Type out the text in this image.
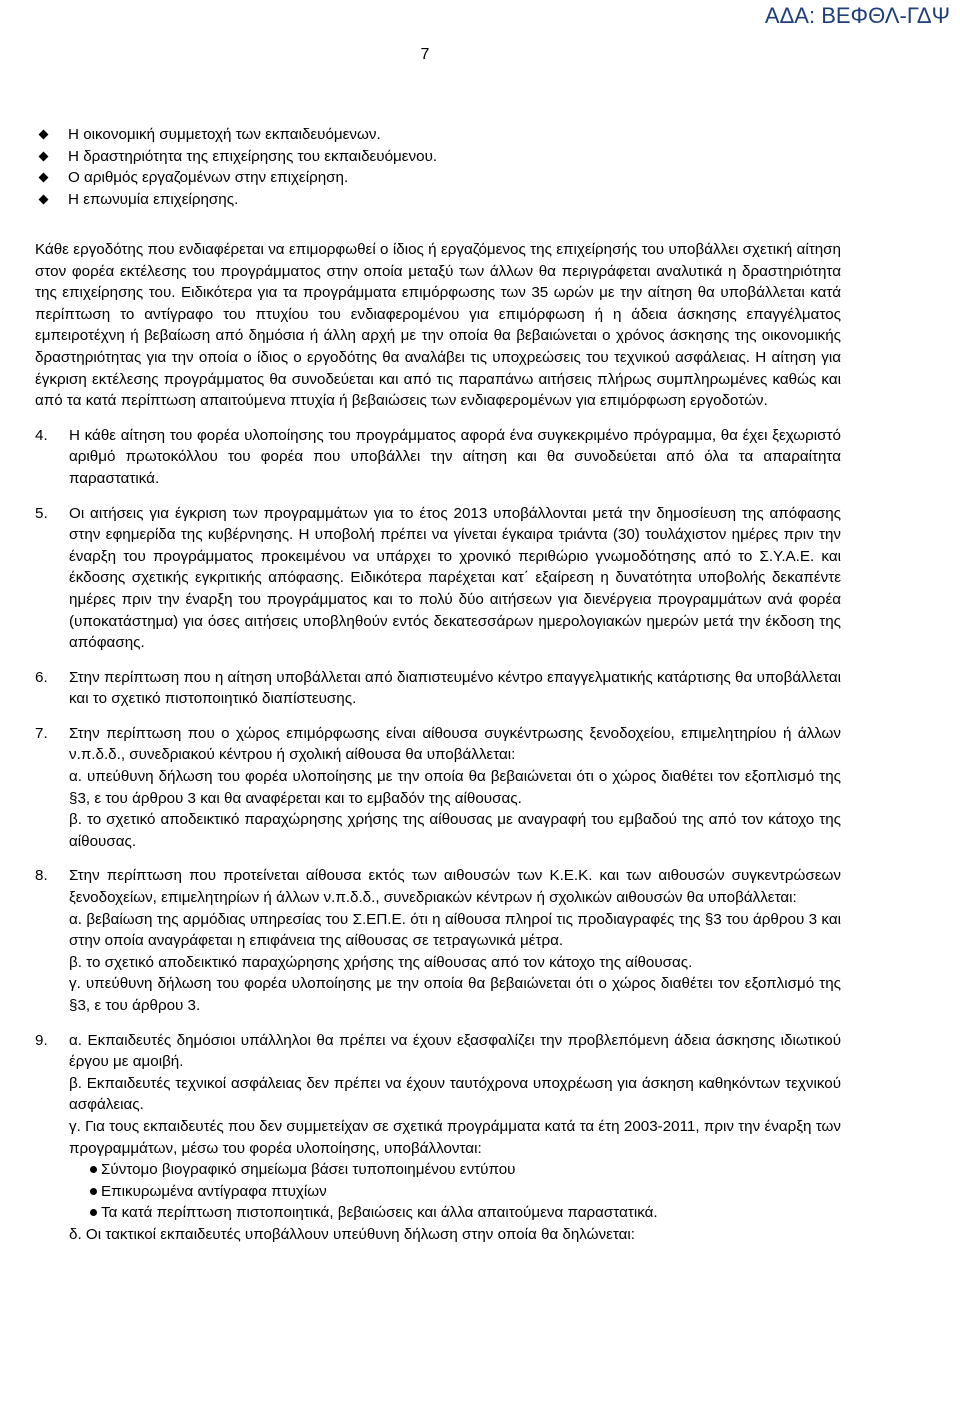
ΑΔΑ: ΒΕΦΘΛ-ΓΔΨ
7
Η οικονομική συμμετοχή των εκπαιδευόμενων.
Η δραστηριότητα της επιχείρησης του εκπαιδευόμενου.
Ο αριθμός εργαζομένων στην επιχείρηση.
Η επωνυμία επιχείρησης.

Κάθε εργοδότης που ενδιαφέρεται να επιμορφωθεί ο ίδιος ή εργαζόμενος της επιχείρησής του υποβάλλει σχετική αίτηση στον φορέα εκτέλεσης του προγράμματος στην οποία μεταξύ των άλλων θα περιγράφεται αναλυτικά η δραστηριότητα της επιχείρησης του. Ειδικότερα για τα προγράμματα επιμόρφωσης των 35 ωρών με την αίτηση θα υποβάλλεται κατά περίπτωση το αντίγραφο του πτυχίου του ενδιαφερομένου για επιμόρφωση ή η άδεια άσκησης επαγγέλματος εμπειροτέχνη ή βεβαίωση από δημόσια ή άλλη αρχή με την οποία θα βεβαιώνεται ο χρόνος άσκησης της οικονομικής δραστηριότητας για την οποία ο ίδιος ο εργοδότης θα αναλάβει τις υποχρεώσεις του τεχνικού ασφάλειας. Η αίτηση για έγκριση εκτέλεσης προγράμματος θα συνοδεύεται και από τις παραπάνω αιτήσεις πλήρως συμπληρωμένες καθώς και από τα κατά περίπτωση απαιτούμενα πτυχία ή βεβαιώσεις των ενδιαφερομένων για επιμόρφωση εργοδοτών.

4. Η κάθε αίτηση του φορέα υλοποίησης του προγράμματος αφορά ένα συγκεκριμένο πρόγραμμα, θα έχει ξεχωριστό αριθμό πρωτοκόλλου του φορέα που υποβάλλει την αίτηση και θα συνοδεύεται από όλα τα απαραίτητα παραστατικά.

5. Οι αιτήσεις για έγκριση των προγραμμάτων για το έτος 2013 υποβάλλονται μετά την δημοσίευση της απόφασης στην εφημερίδα της κυβέρνησης. Η υποβολή πρέπει να γίνεται έγκαιρα τριάντα (30) τουλάχιστον ημέρες πριν την έναρξη του προγράμματος προκειμένου να υπάρχει το χρονικό περιθώριο γνωμοδότησης από το Σ.Υ.Α.Ε. και έκδοσης σχετικής εγκριτικής απόφασης. Ειδικότερα παρέχεται κατ΄ εξαίρεση η δυνατότητα υποβολής δεκαπέντε ημέρες πριν την έναρξη του προγράμματος και το πολύ δύο αιτήσεων για διενέργεια προγραμμάτων ανά φορέα (υποκατάστημα) για όσες αιτήσεις υποβληθούν εντός δεκατεσσάρων ημερολογιακών ημερών μετά την έκδοση της απόφασης.

6. Στην περίπτωση που η αίτηση υποβάλλεται από διαπιστευμένο κέντρο επαγγελματικής κατάρτισης θα υποβάλλεται και το σχετικό πιστοποιητικό διαπίστευσης.

7. Στην περίπτωση που ο χώρος επιμόρφωσης είναι αίθουσα συγκέντρωσης ξενοδοχείου, επιμελητηρίου ή άλλων ν.π.δ.δ., συνεδριακού κέντρου ή σχολική αίθουσα θα υποβάλλεται:

α. υπεύθυνη δήλωση του φορέα υλοποίησης με την οποία θα βεβαιώνεται ότι ο χώρος διαθέτει τον εξοπλισμό της §3, ε του άρθρου 3 και θα αναφέρεται και το εμβαδόν της αίθουσας.

β. το σχετικό αποδεικτικό παραχώρησης χρήσης της αίθουσας με αναγραφή του εμβαδού της από τον κάτοχο της αίθουσας.

8. Στην περίπτωση που προτείνεται αίθουσα εκτός των αιθουσών των Κ.Ε.Κ. και των αιθουσών συγκεντρώσεων ξενοδοχείων, επιμελητηρίων ή άλλων ν.π.δ.δ., συνεδριακών κέντρων ή σχολικών αιθουσών θα υποβάλλεται:

α. βεβαίωση της αρμόδιας υπηρεσίας του Σ.ΕΠ.Ε. ότι η αίθουσα πληροί τις προδιαγραφές της §3 του άρθρου 3 και στην οποία αναγράφεται η επιφάνεια της αίθουσας σε τετραγωνικά μέτρα.

β. το σχετικό αποδεικτικό παραχώρησης χρήσης της αίθουσας από τον κάτοχο της αίθουσας.

γ. υπεύθυνη δήλωση του φορέα υλοποίησης με την οποία θα βεβαιώνεται ότι ο χώρος διαθέτει τον εξοπλισμό της §3, ε του άρθρου 3.

9. α. Εκπαιδευτές δημόσιοι υπάλληλοι θα πρέπει να έχουν εξασφαλίζει την προβλεπόμενη άδεια άσκησης ιδιωτικού έργου με αμοιβή.

β. Εκπαιδευτές τεχνικοί ασφάλειας δεν πρέπει να έχουν ταυτόχρονα υποχρέωση για άσκηση καθηκόντων τεχνικού ασφάλειας.

γ. Για τους εκπαιδευτές που δεν συμμετείχαν σε σχετικά προγράμματα κατά τα έτη 2003-2011, πριν την έναρξη των προγραμμάτων, μέσω του φορέα υλοποίησης, υποβάλλονται:

Σύντομο βιογραφικό σημείωμα βάσει τυποποιημένου εντύπου
Επικυρωμένα αντίγραφα πτυχίων
Τα κατά περίπτωση πιστοποιητικά, βεβαιώσεις και άλλα απαιτούμενα παραστατικά.

δ. Οι τακτικοί εκπαιδευτές υποβάλλουν υπεύθυνη δήλωση στην οποία θα δηλώνεται:
